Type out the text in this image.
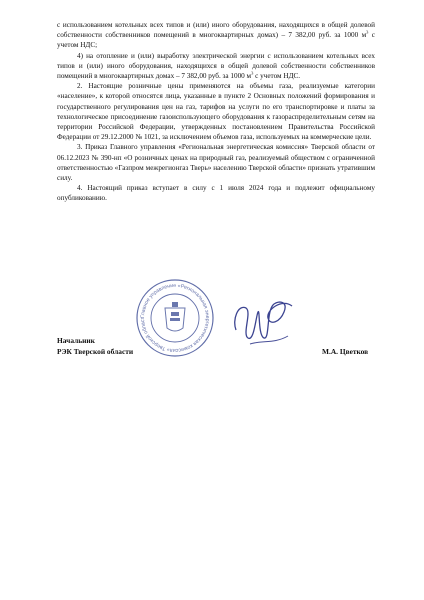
с использованием котельных всех типов и (или) иного оборудования, находящихся в общей долевой собственности собственников помещений в многоквартирных домах) – 7 382,00 руб. за 1000 $м^3$ с учетом НДС;

4) на отопление и (или) выработку электрической энергии с использованием котельных всех типов и (или) иного оборудования, находящихся в общей долевой собственности собственников помещений в многоквартирных домах – 7 382,00 руб. за 1000 $м^3$ с учетом НДС.

2. Настоящие розничные цены применяются на объемы газа, реализуемые категории «население», к которой относятся лица, указанные в пункте 2 Основных положений формирования и государственного регулирования цен на газ, тарифов на услуги по его транспортировке и платы за технологическое присоединение газоиспользующего оборудования к газораспределительным сетям на территории Российской Федерации, утвержденных постановлением Правительства Российской Федерации от 29.12.2000 № 1021, за исключением объемов газа, используемых на коммерческие цели.

3. Приказ Главного управления «Региональная энергетическая комиссия» Тверской области от 06.12.2023 № 390-нп «О розничных ценах на природный газ, реализуемый обществом с ограниченной ответственностью «Газпром межрегионгаз Тверь» населению Тверской области» признать утратившим силу.

4. Настоящий приказ вступает в силу с 1 июля 2024 года и подлежит официальному опубликованию.

Начальник
РЭК Тверской области	М.А. Цветков
Главное управление «Региональная энергетическая комиссия» Тверской област
